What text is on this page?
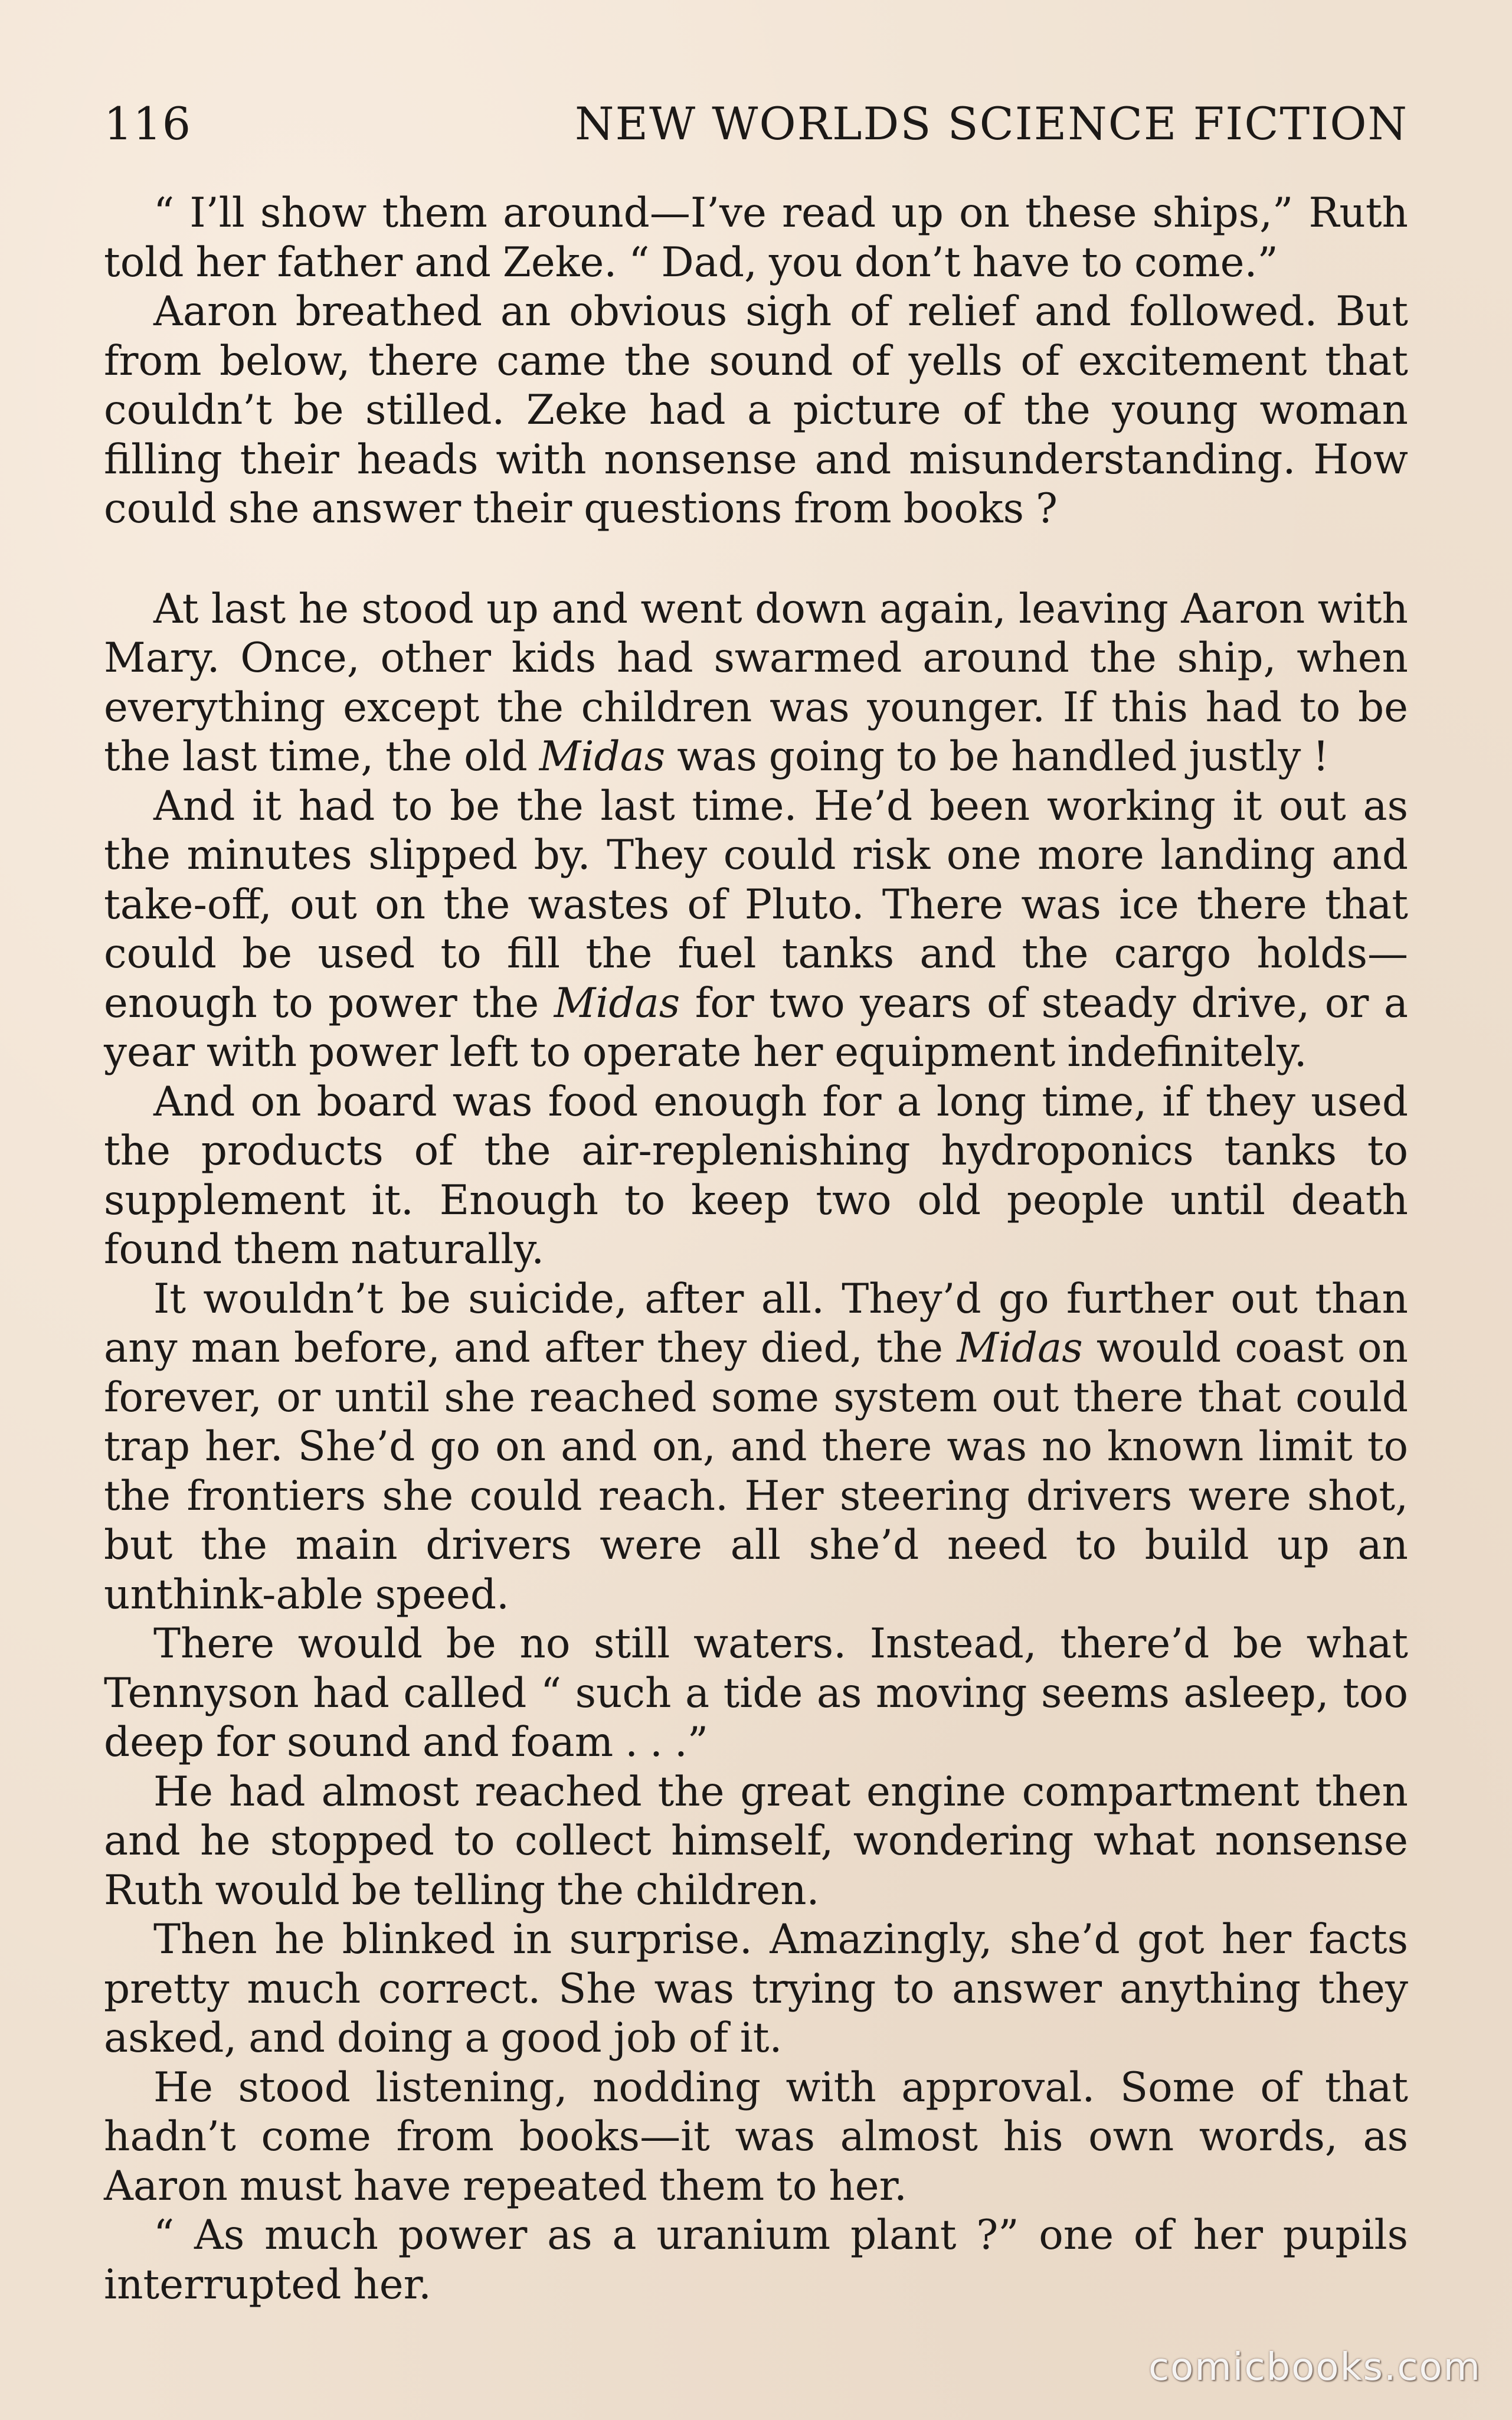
116	NEW WORLDS SCIENCE FICTION

“ I’ll show them around—I’ve read up on these ships,” Ruth told her father and Zeke. “ Dad, you don’t have to come.”

Aaron breathed an obvious sigh of relief and followed. But from below, there came the sound of yells of excitement that couldn’t be stilled. Zeke had a picture of the young woman filling their heads with nonsense and misunderstanding. How could she answer their questions from books ?

At last he stood up and went down again, leaving Aaron with Mary. Once, other kids had swarmed around the ship, when everything except the children was younger. If this had to be the last time, the old Midas was going to be handled justly !

And it had to be the last time. He’d been working it out as the minutes slipped by. They could risk one more landing and take-off, out on the wastes of Pluto. There was ice there that could be used to fill the fuel tanks and the cargo holds—enough to power the Midas for two years of steady drive, or a year with power left to operate her equipment indefinitely.

And on board was food enough for a long time, if they used the products of the air-replenishing hydroponics tanks to supplement it. Enough to keep two old people until death found them naturally.

It wouldn’t be suicide, after all. They’d go further out than any man before, and after they died, the Midas would coast on forever, or until she reached some system out there that could trap her. She’d go on and on, and there was no known limit to the frontiers she could reach. Her steering drivers were shot, but the main drivers were all she’d need to build up an unthink-able speed.

There would be no still waters. Instead, there’d be what Tennyson had called “ such a tide as moving seems asleep, too deep for sound and foam . . .”

He had almost reached the great engine compartment then and he stopped to collect himself, wondering what nonsense Ruth would be telling the children.

Then he blinked in surprise. Amazingly, she’d got her facts pretty much correct. She was trying to answer anything they asked, and doing a good job of it.

He stood listening, nodding with approval. Some of that hadn’t come from books—it was almost his own words, as Aaron must have repeated them to her.

“ As much power as a uranium plant ?” one of her pupils interrupted her.

comicbooks.com
